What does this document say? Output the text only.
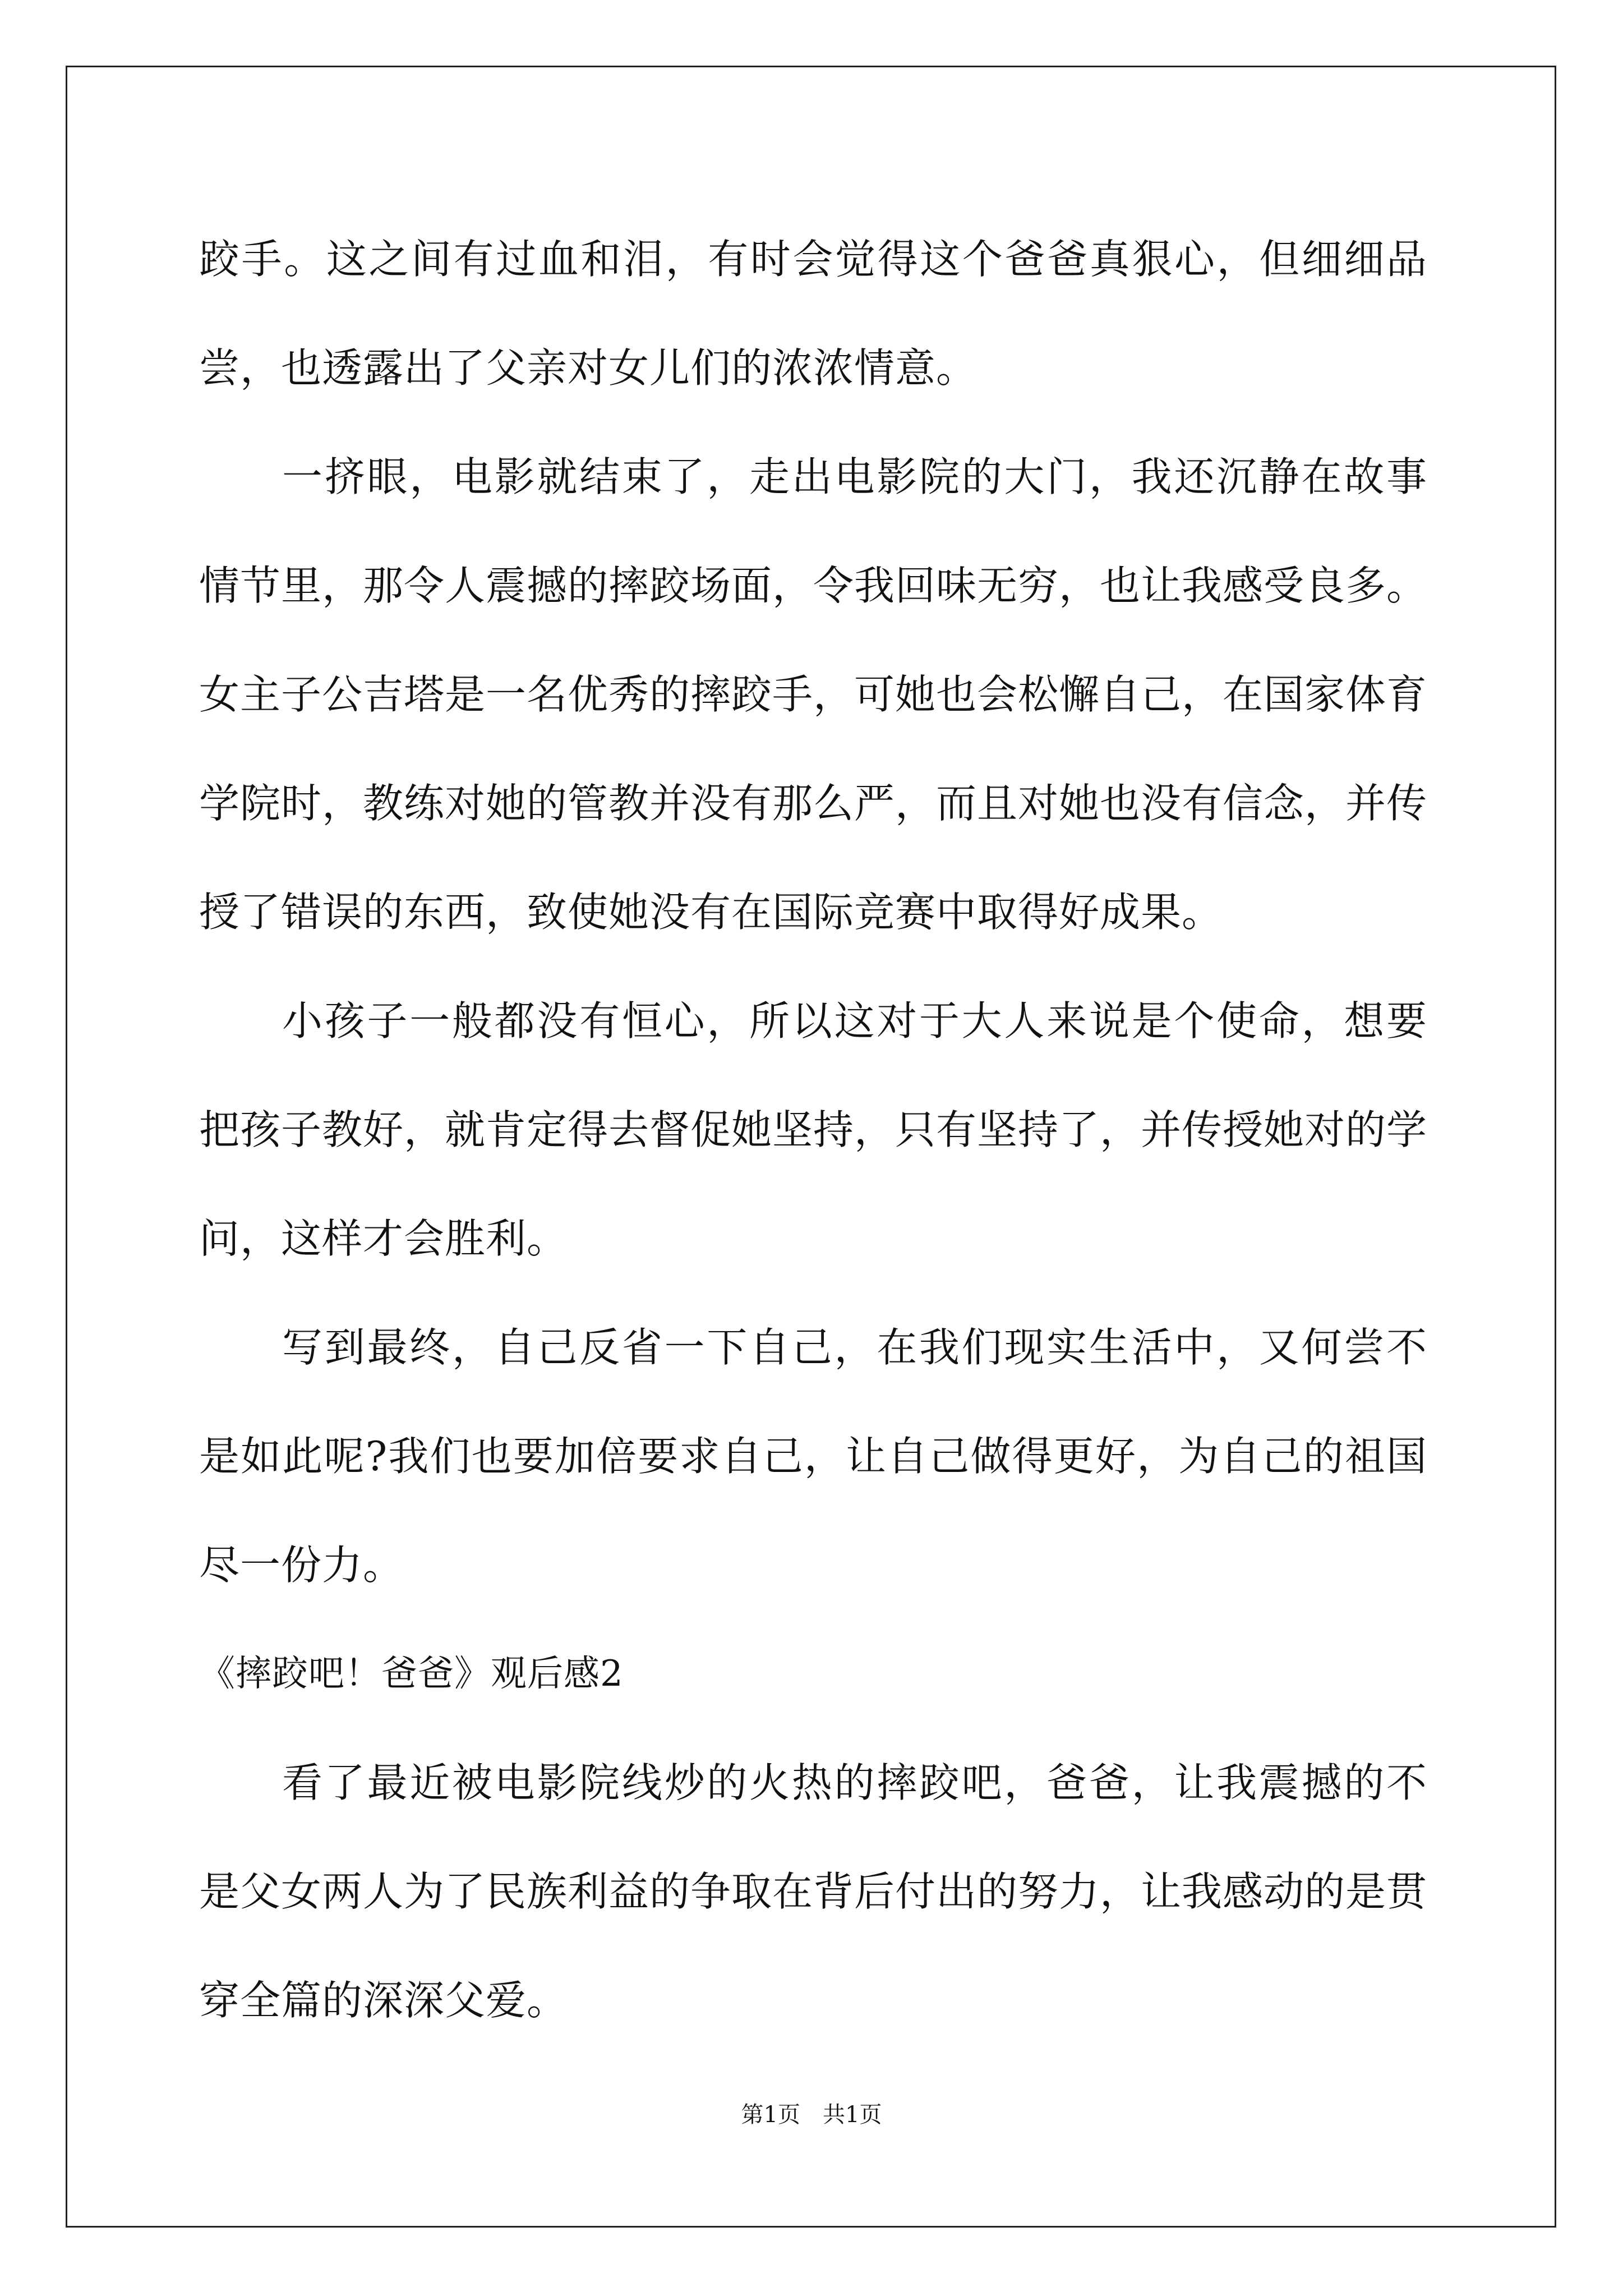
跤手。这之间有过血和泪，有时会觉得这个爸爸真狠心，但细细品尝，也透露出了父亲对女儿们的浓浓情意。

一挤眼，电影就结束了，走出电影院的大门，我还沉静在故事情节里，那令人震撼的摔跤场面，令我回味无穷，也让我感受良多。女主子公吉塔是一名优秀的摔跤手，可她也会松懈自己，在国家体育学院时，教练对她的管教并没有那么严，而且对她也没有信念，并传授了错误的东西，致使她没有在国际竞赛中取得好成果。

小孩子一般都没有恒心，所以这对于大人来说是个使命，想要把孩子教好，就肯定得去督促她坚持，只有坚持了，并传授她对的学问，这样才会胜利。

写到最终，自己反省一下自己，在我们现实生活中，又何尝不是如此呢?我们也要加倍要求自己，让自己做得更好，为自己的祖国尽一份力。

《摔跤吧！爸爸》观后感2

看了最近被电影院线炒的火热的摔跤吧，爸爸，让我震撼的不是父女两人为了民族利益的争取在背后付出的努力，让我感动的是贯穿全篇的深深父爱。

第1页 共1页
